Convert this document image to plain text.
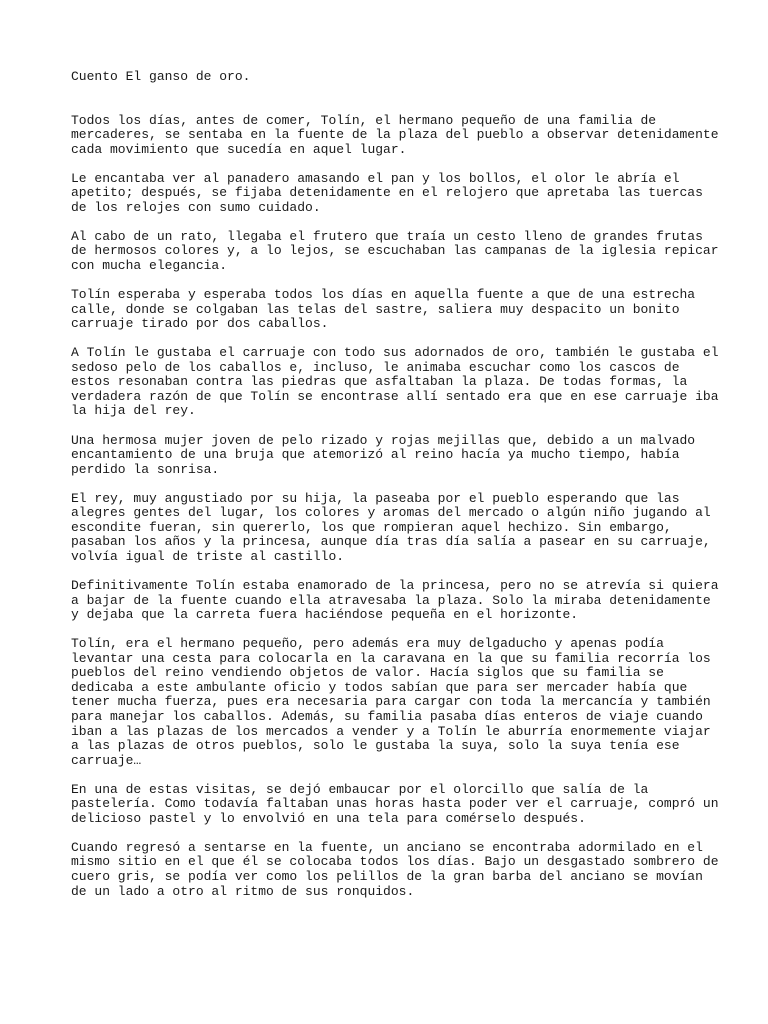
Cuento El ganso de oro.
Todos los días, antes de comer, Tolín, el hermano pequeño de una familia de
mercaderes, se sentaba en la fuente de la plaza del pueblo a observar detenidamente
cada movimiento que sucedía en aquel lugar.
Le encantaba ver al panadero amasando el pan y los bollos, el olor le abría el
apetito; después, se fijaba detenidamente en el relojero que apretaba las tuercas
de los relojes con sumo cuidado.
Al cabo de un rato, llegaba el frutero que traía un cesto lleno de grandes frutas
de hermosos colores y, a lo lejos, se escuchaban las campanas de la iglesia repicar
con mucha elegancia.
Tolín esperaba y esperaba todos los días en aquella fuente a que de una estrecha
calle, donde se colgaban las telas del sastre, saliera muy despacito un bonito
carruaje tirado por dos caballos.
A Tolín le gustaba el carruaje con todo sus adornados de oro, también le gustaba el
sedoso pelo de los caballos e, incluso, le animaba escuchar como los cascos de
estos resonaban contra las piedras que asfaltaban la plaza. De todas formas, la
verdadera razón de que Tolín se encontrase allí sentado era que en ese carruaje iba
la hija del rey.
Una hermosa mujer joven de pelo rizado y rojas mejillas que, debido a un malvado
encantamiento de una bruja que atemorizó al reino hacía ya mucho tiempo, había
perdido la sonrisa.
El rey, muy angustiado por su hija, la paseaba por el pueblo esperando que las
alegres gentes del lugar, los colores y aromas del mercado o algún niño jugando al
escondite fueran, sin quererlo, los que rompieran aquel hechizo. Sin embargo,
pasaban los años y la princesa, aunque día tras día salía a pasear en su carruaje,
volvía igual de triste al castillo.
Definitivamente Tolín estaba enamorado de la princesa, pero no se atrevía si quiera
a bajar de la fuente cuando ella atravesaba la plaza. Solo la miraba detenidamente
y dejaba que la carreta fuera haciéndose pequeña en el horizonte.
Tolín, era el hermano pequeño, pero además era muy delgaducho y apenas podía
levantar una cesta para colocarla en la caravana en la que su familia recorría los
pueblos del reino vendiendo objetos de valor. Hacía siglos que su familia se
dedicaba a este ambulante oficio y todos sabían que para ser mercader había que
tener mucha fuerza, pues era necesaria para cargar con toda la mercancía y también
para manejar los caballos. Además, su familia pasaba días enteros de viaje cuando
iban a las plazas de los mercados a vender y a Tolín le aburría enormemente viajar
a las plazas de otros pueblos, solo le gustaba la suya, solo la suya tenía ese
carruaje…
En una de estas visitas, se dejó embaucar por el olorcillo que salía de la
pastelería. Como todavía faltaban unas horas hasta poder ver el carruaje, compró un
delicioso pastel y lo envolvió en una tela para comérselo después.
Cuando regresó a sentarse en la fuente, un anciano se encontraba adormilado en el
mismo sitio en el que él se colocaba todos los días. Bajo un desgastado sombrero de
cuero gris, se podía ver como los pelillos de la gran barba del anciano se movían
de un lado a otro al ritmo de sus ronquidos.
